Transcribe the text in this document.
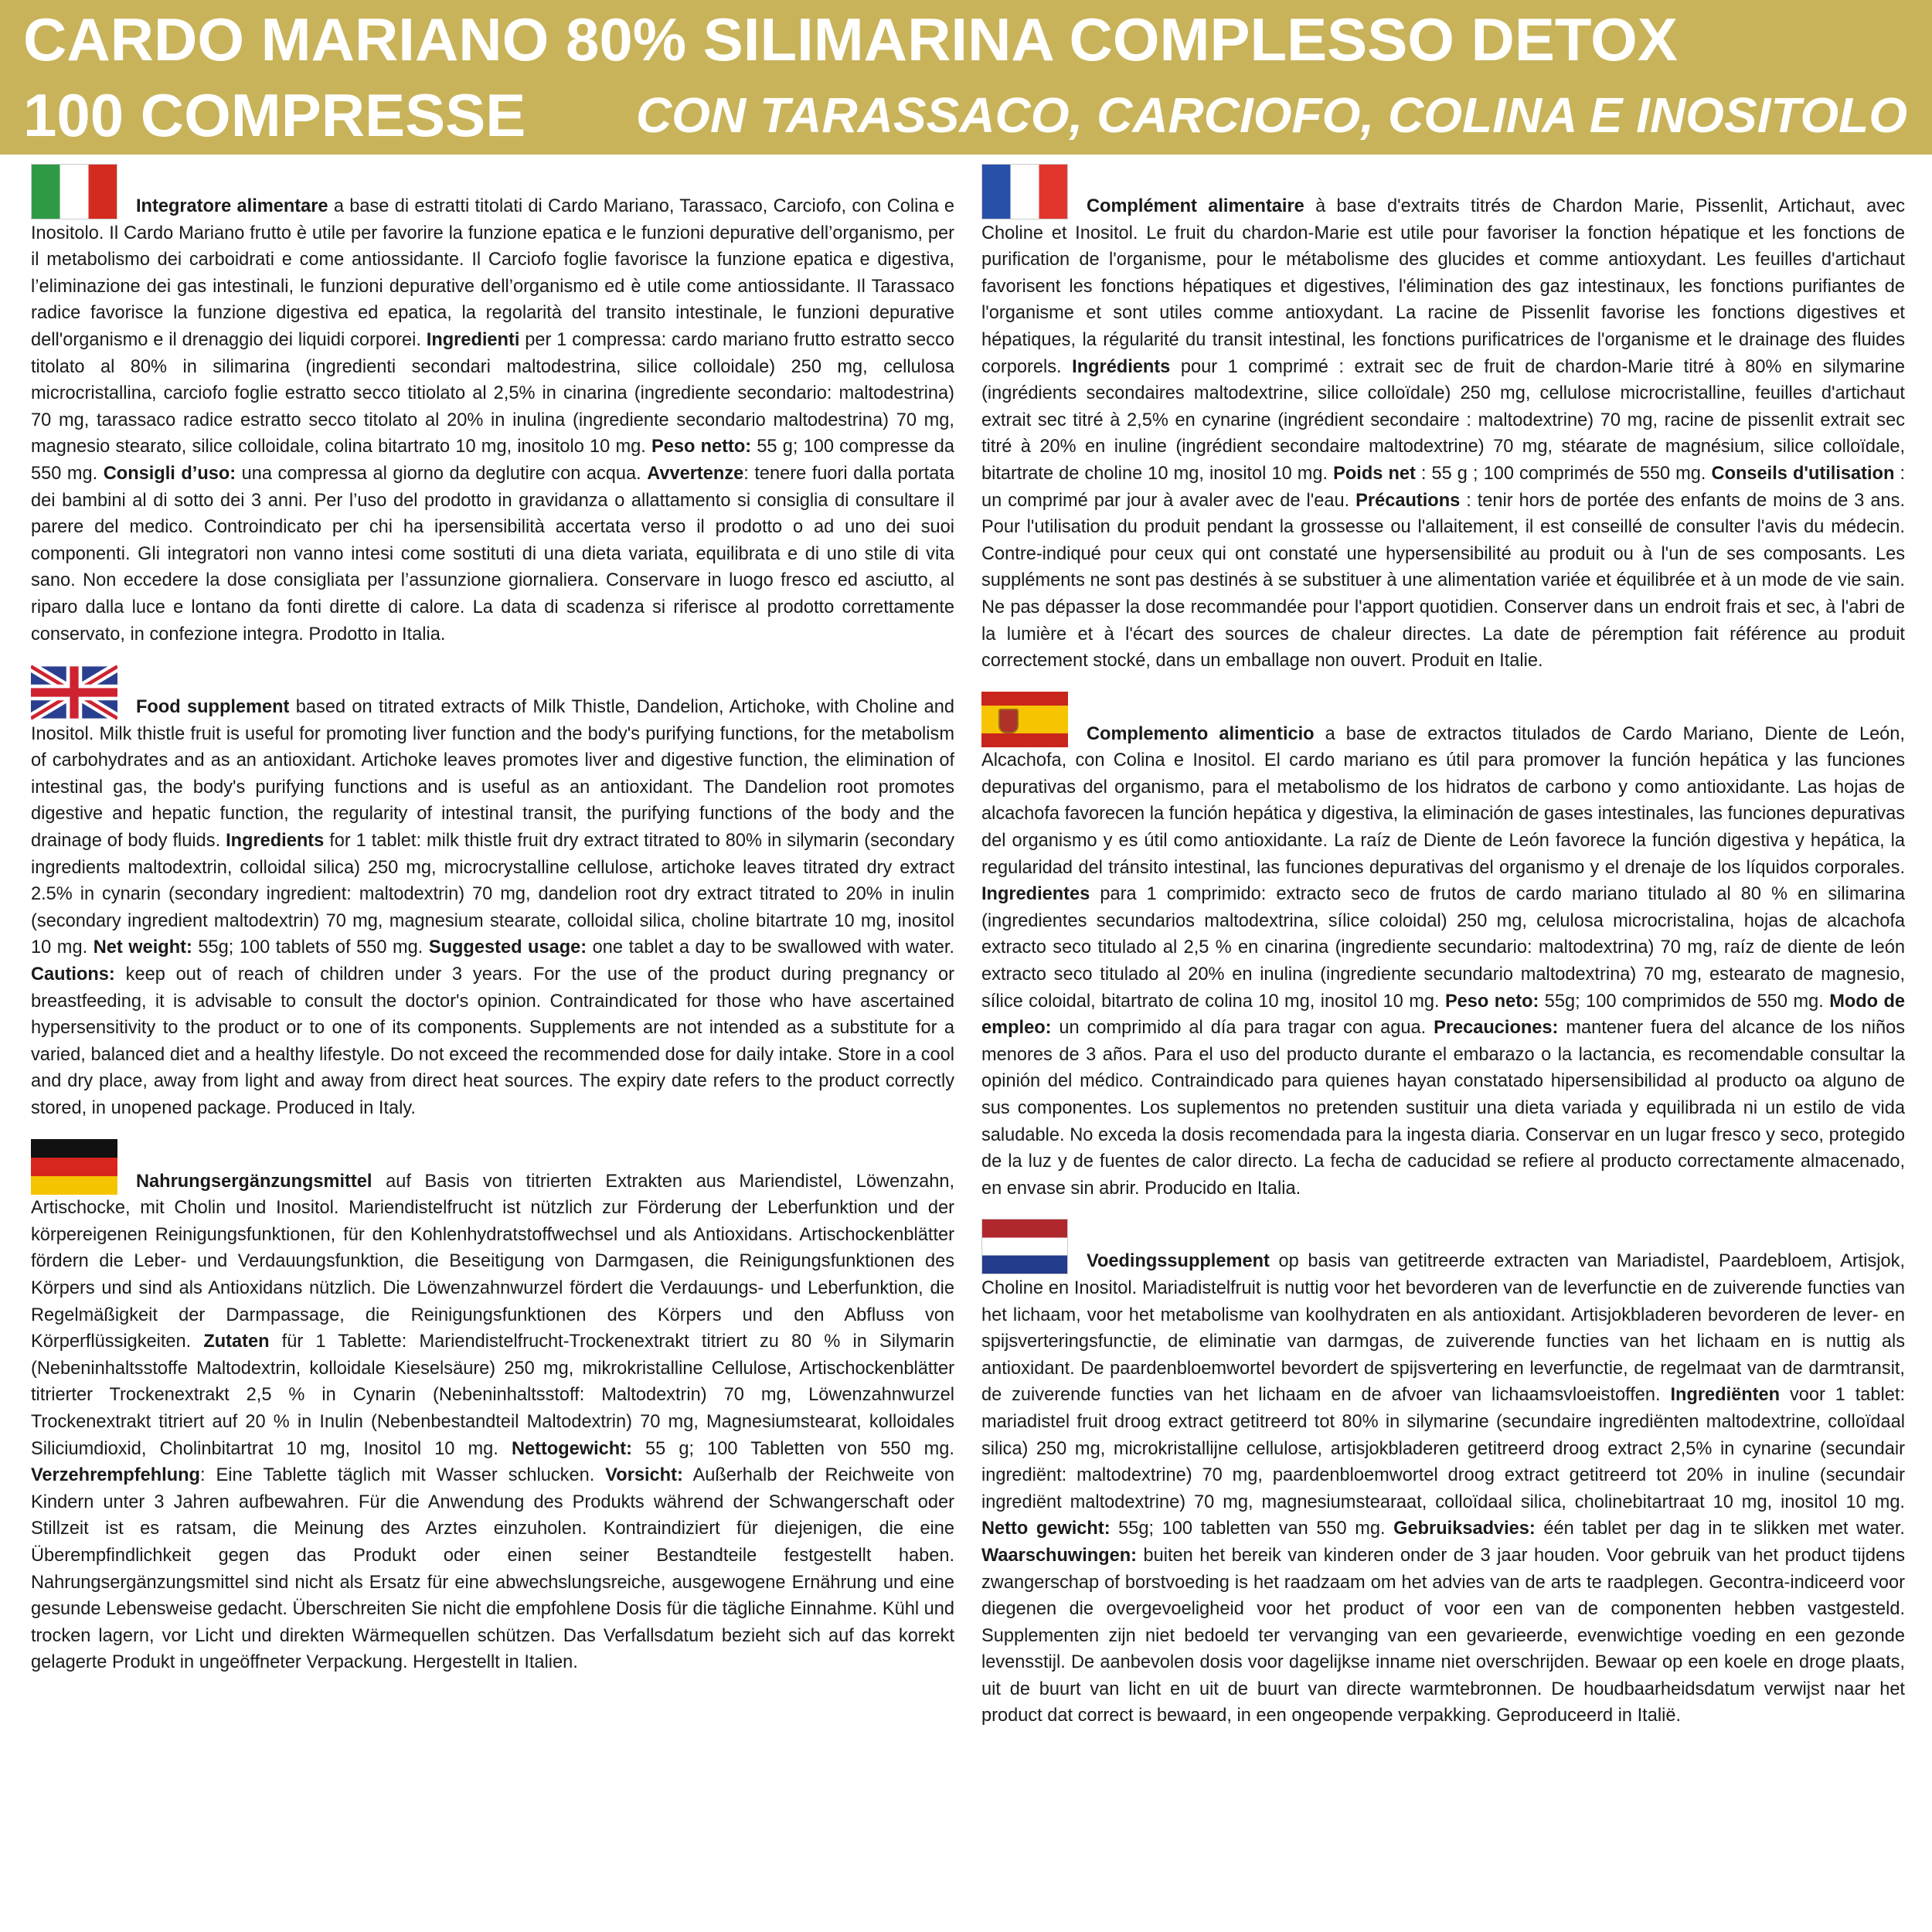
CARDO MARIANO 80% SILIMARINA COMPLESSO DETOX
100 COMPRESSE CON TARASSACO, CARCIOFO, COLINA E INOSITOLO

Integratore alimentare a base di estratti titolati di Cardo Mariano, Tarassaco, Carciofo, con Colina e Inositolo. Il Cardo Mariano frutto è utile per favorire la funzione epatica e le funzioni depurative dell’organismo, per il metabolismo dei carboidrati e come antiossidante. Il Carciofo foglie favorisce la funzione epatica e digestiva, l’eliminazione dei gas intestinali, le funzioni depurative dell’organismo ed è utile come antiossidante. Il Tarassaco radice favorisce la funzione digestiva ed epatica, la regolarità del transito intestinale, le funzioni depurative dell'organismo e il drenaggio dei liquidi corporei. Ingredienti per 1 compressa: cardo mariano frutto estratto secco titolato al 80% in silimarina (ingredienti secondari maltodestrina, silice colloidale) 250 mg, cellulosa microcristallina, carciofo foglie estratto secco titiolato al 2,5% in cinarina (ingrediente secondario: maltodestrina) 70 mg, tarassaco radice estratto secco titolato al 20% in inulina (ingrediente secondario maltodestrina) 70 mg, magnesio stearato, silice colloidale, colina bitartrato 10 mg, inositolo 10 mg. Peso netto: 55 g; 100 compresse da 550 mg. Consigli d’uso: una compressa al giorno da deglutire con acqua. Avvertenze: tenere fuori dalla portata dei bambini al di sotto dei 3 anni. Per l’uso del prodotto in gravidanza o allattamento si consiglia di consultare il parere del medico. Controindicato per chi ha ipersensibilità accertata verso il prodotto o ad uno dei suoi componenti. Gli integratori non vanno intesi come sostituti di una dieta variata, equilibrata e di uno stile di vita sano. Non eccedere la dose consigliata per l’assunzione giornaliera. Conservare in luogo fresco ed asciutto, al riparo dalla luce e lontano da fonti dirette di calore. La data di scadenza si riferisce al prodotto correttamente conservato, in confezione integra. Prodotto in Italia.

Food supplement based on titrated extracts of Milk Thistle, Dandelion, Artichoke, with Choline and Inositol. Milk thistle fruit is useful for promoting liver function and the body's purifying functions, for the metabolism of carbohydrates and as an antioxidant. Artichoke leaves promotes liver and digestive function, the elimination of intestinal gas, the body's purifying functions and is useful as an antioxidant. The Dandelion root promotes digestive and hepatic function, the regularity of intestinal transit, the purifying functions of the body and the drainage of body fluids. Ingredients for 1 tablet: milk thistle fruit dry extract titrated to 80% in silymarin (secondary ingredients maltodextrin, colloidal silica) 250 mg, microcrystalline cellulose, artichoke leaves titrated dry extract 2.5% in cynarin (secondary ingredient: maltodextrin) 70 mg, dandelion root dry extract titrated to 20% in inulin (secondary ingredient maltodextrin) 70 mg, magnesium stearate, colloidal silica, choline bitartrate 10 mg, inositol 10 mg. Net weight: 55g; 100 tablets of 550 mg. Suggested usage: one tablet a day to be swallowed with water. Cautions: keep out of reach of children under 3 years. For the use of the product during pregnancy or breastfeeding, it is advisable to consult the doctor's opinion. Contraindicated for those who have ascertained hypersensitivity to the product or to one of its components. Supplements are not intended as a substitute for a varied, balanced diet and a healthy lifestyle. Do not exceed the recommended dose for daily intake. Store in a cool and dry place, away from light and away from direct heat sources. The expiry date refers to the product correctly stored, in unopened package. Produced in Italy.

Nahrungsergänzungsmittel auf Basis von titrierten Extrakten aus Mariendistel, Löwenzahn, Artischocke, mit Cholin und Inositol. Mariendistelfrucht ist nützlich zur Förderung der Leberfunktion und der körpereigenen Reinigungsfunktionen, für den Kohlenhydratstoffwechsel und als Antioxidans. Artischockenblätter fördern die Leber- und Verdauungsfunktion, die Beseitigung von Darmgasen, die Reinigungsfunktionen des Körpers und sind als Antioxidans nützlich. Die Löwenzahnwurzel fördert die Verdauungs- und Leberfunktion, die Regelmäßigkeit der Darmpassage, die Reinigungsfunktionen des Körpers und den Abfluss von Körperflüssigkeiten. Zutaten für 1 Tablette: Mariendistelfrucht-Trockenextrakt titriert zu 80 % in Silymarin (Nebeninhaltsstoffe Maltodextrin, kolloidale Kieselsäure) 250 mg, mikrokristalline Cellulose, Artischockenblätter titrierter Trockenextrakt 2,5 % in Cynarin (Nebeninhaltsstoff: Maltodextrin) 70 mg, Löwenzahnwurzel Trockenextrakt titriert auf 20 % in Inulin (Nebenbestandteil Maltodextrin) 70 mg, Magnesiumstearat, kolloidales Siliciumdioxid, Cholinbitartrat 10 mg, Inositol 10 mg. Nettogewicht: 55 g; 100 Tabletten von 550 mg. Verzehrempfehlung: Eine Tablette täglich mit Wasser schlucken. Vorsicht: Außerhalb der Reichweite von Kindern unter 3 Jahren aufbewahren. Für die Anwendung des Produkts während der Schwangerschaft oder Stillzeit ist es ratsam, die Meinung des Arztes einzuholen. Kontraindiziert für diejenigen, die eine Überempfindlichkeit gegen das Produkt oder einen seiner Bestandteile festgestellt haben. Nahrungsergänzungsmittel sind nicht als Ersatz für eine abwechslungsreiche, ausgewogene Ernährung und eine gesunde Lebensweise gedacht. Überschreiten Sie nicht die empfohlene Dosis für die tägliche Einnahme. Kühl und trocken lagern, vor Licht und direkten Wärmequellen schützen. Das Verfallsdatum bezieht sich auf das korrekt gelagerte Produkt in ungeöffneter Verpackung. Hergestellt in Italien.

Complément alimentaire à base d'extraits titrés de Chardon Marie, Pissenlit, Artichaut, avec Choline et Inositol. Le fruit du chardon-Marie est utile pour favoriser la fonction hépatique et les fonctions de purification de l'organisme, pour le métabolisme des glucides et comme antioxydant. Les feuilles d'artichaut favorisent les fonctions hépatiques et digestives, l'élimination des gaz intestinaux, les fonctions purifiantes de l'organisme et sont utiles comme antioxydant. La racine de Pissenlit favorise les fonctions digestives et hépatiques, la régularité du transit intestinal, les fonctions purificatrices de l'organisme et le drainage des fluides corporels. Ingrédients pour 1 comprimé : extrait sec de fruit de chardon-Marie titré à 80% en silymarine (ingrédients secondaires maltodextrine, silice colloïdale) 250 mg, cellulose microcristalline, feuilles d'artichaut extrait sec titré à 2,5% en cynarine (ingrédient secondaire : maltodextrine) 70 mg, racine de pissenlit extrait sec titré à 20% en inuline (ingrédient secondaire maltodextrine) 70 mg, stéarate de magnésium, silice colloïdale, bitartrate de choline 10 mg, inositol 10 mg. Poids net : 55 g ; 100 comprimés de 550 mg. Conseils d'utilisation : un comprimé par jour à avaler avec de l'eau. Précautions : tenir hors de portée des enfants de moins de 3 ans. Pour l'utilisation du produit pendant la grossesse ou l'allaitement, il est conseillé de consulter l'avis du médecin. Contre-indiqué pour ceux qui ont constaté une hypersensibilité au produit ou à l'un de ses composants. Les suppléments ne sont pas destinés à se substituer à une alimentation variée et équilibrée et à un mode de vie sain. Ne pas dépasser la dose recommandée pour l'apport quotidien. Conserver dans un endroit frais et sec, à l'abri de la lumière et à l'écart des sources de chaleur directes. La date de péremption fait référence au produit correctement stocké, dans un emballage non ouvert. Produit en Italie.

Complemento alimenticio a base de extractos titulados de Cardo Mariano, Diente de León, Alcachofa, con Colina e Inositol. El cardo mariano es útil para promover la función hepática y las funciones depurativas del organismo, para el metabolismo de los hidratos de carbono y como antioxidante. Las hojas de alcachofa favorecen la función hepática y digestiva, la eliminación de gases intestinales, las funciones depurativas del organismo y es útil como antioxidante. La raíz de Diente de León favorece la función digestiva y hepática, la regularidad del tránsito intestinal, las funciones depurativas del organismo y el drenaje de los líquidos corporales. Ingredientes para 1 comprimido: extracto seco de frutos de cardo mariano titulado al 80 % en silimarina (ingredientes secundarios maltodextrina, sílice coloidal) 250 mg, celulosa microcristalina, hojas de alcachofa extracto seco titulado al 2,5 % en cinarina (ingrediente secundario: maltodextrina) 70 mg, raíz de diente de león extracto seco titulado al 20% en inulina (ingrediente secundario maltodextrina) 70 mg, estearato de magnesio, sílice coloidal, bitartrato de colina 10 mg, inositol 10 mg. Peso neto: 55g; 100 comprimidos de 550 mg. Modo de empleo: un comprimido al día para tragar con agua. Precauciones: mantener fuera del alcance de los niños menores de 3 años. Para el uso del producto durante el embarazo o la lactancia, es recomendable consultar la opinión del médico. Contraindicado para quienes hayan constatado hipersensibilidad al producto oa alguno de sus componentes. Los suplementos no pretenden sustituir una dieta variada y equilibrada ni un estilo de vida saludable. No exceda la dosis recomendada para la ingesta diaria. Conservar en un lugar fresco y seco, protegido de la luz y de fuentes de calor directo. La fecha de caducidad se refiere al producto correctamente almacenado, en envase sin abrir. Producido en Italia.

Voedingssupplement op basis van getitreerde extracten van Mariadistel, Paardebloem, Artisjok, Choline en Inositol. Mariadistelfruit is nuttig voor het bevorderen van de leverfunctie en de zuiverende functies van het lichaam, voor het metabolisme van koolhydraten en als antioxidant. Artisjokbladeren bevorderen de lever- en spijsverteringsfunctie, de eliminatie van darmgas, de zuiverende functies van het lichaam en is nuttig als antioxidant. De paardenbloemwortel bevordert de spijsvertering en leverfunctie, de regelmaat van de darmtransit, de zuiverende functies van het lichaam en de afvoer van lichaamsvloeistoffen. Ingrediënten voor 1 tablet: mariadistel fruit droog extract getitreerd tot 80% in silymarine (secundaire ingrediënten maltodextrine, colloïdaal silica) 250 mg, microkristallijne cellulose, artisjokbladeren getitreerd droog extract 2,5% in cynarine (secundair ingrediënt: maltodextrine) 70 mg, paardenbloemwortel droog extract getitreerd tot 20% in inuline (secundair ingrediënt maltodextrine) 70 mg, magnesiumstearaat, colloïdaal silica, cholinebitartraat 10 mg, inositol 10 mg. Netto gewicht: 55g; 100 tabletten van 550 mg. Gebruiksadvies: één tablet per dag in te slikken met water. Waarschuwingen: buiten het bereik van kinderen onder de 3 jaar houden. Voor gebruik van het product tijdens zwangerschap of borstvoeding is het raadzaam om het advies van de arts te raadplegen. Gecontra-indiceerd voor diegenen die overgevoeligheid voor het product of voor een van de componenten hebben vastgesteld. Supplementen zijn niet bedoeld ter vervanging van een gevarieerde, evenwichtige voeding en een gezonde levensstijl. De aanbevolen dosis voor dagelijkse inname niet overschrijden. Bewaar op een koele en droge plaats, uit de buurt van licht en uit de buurt van directe warmtebronnen. De houdbaarheidsdatum verwijst naar het product dat correct is bewaard, in een ongeopende verpakking. Geproduceerd in Italië.
